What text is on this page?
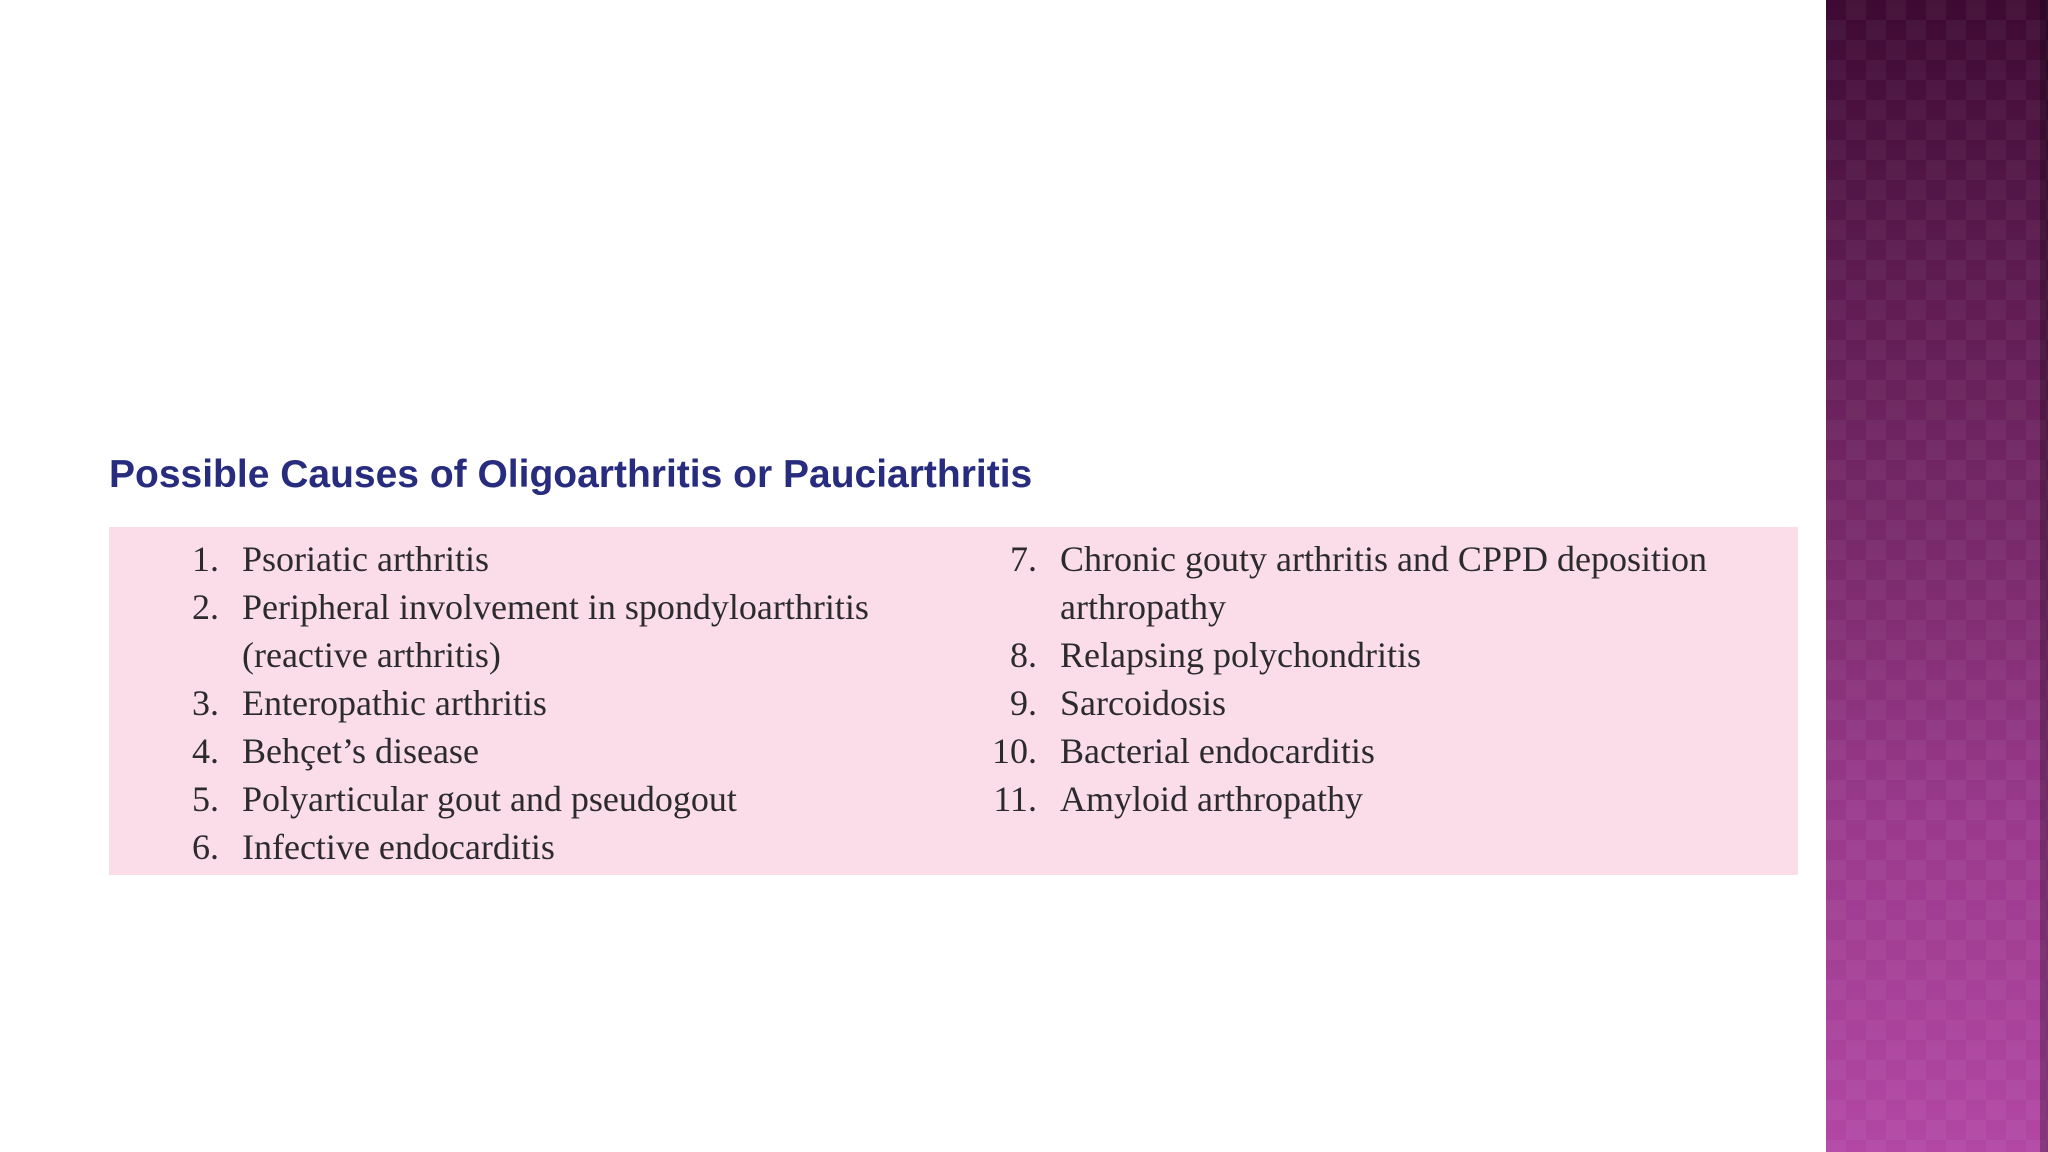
Possible Causes of Oligoarthritis or Pauciarthritis
1. Psoriatic arthritis
2. Peripheral involvement in spondyloarthritis
(reactive arthritis)
3. Enteropathic arthritis
4. Behçet’s disease
5. Polyarticular gout and pseudogout
6. Infective endocarditis
7. Chronic gouty arthritis and CPPD deposition
arthropathy
8. Relapsing polychondritis
9. Sarcoidosis
10. Bacterial endocarditis
11. Amyloid arthropathy
